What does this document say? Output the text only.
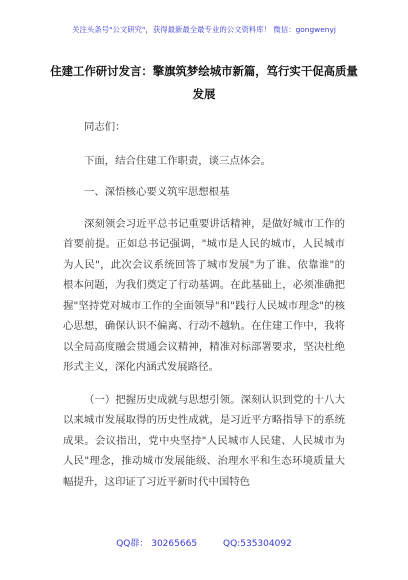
关注头条号"公文研究"，获得最新最全最专业的公文资料库！ 微信：gongwenyj
住建工作研讨发言：擎旗筑梦绘城市新篇，笃行实干促高质量发展

同志们：

下面，结合住建工作职责，谈三点体会。

一、深悟核心要义筑牢思想根基

深刻领会习近平总书记重要讲话精神，是做好城市工作的首要前提。正如总书记强调，"城市是人民的城市，人民城市为人民"，此次会议系统回答了城市发展"为了谁、依靠谁"的根本问题，为我们奠定了行动基调。在此基础上，必须准确把握"坚持党对城市工作的全面领导"和"践行人民城市理念"的核心思想，确保认识不偏离、行动不越轨。在住建工作中，我将以全局高度融会贯通会议精神，精准对标部署要求，坚决杜绝形式主义，深化内涵式发展路径。

（一）把握历史成就与思想引领。深刻认识到党的十八大以来城市发展取得的历史性成就，是习近平方略指导下的系统成果。会议指出，党中央坚持"人民城市人民建、人民城市为人民"理念，推动城市发展能级、治理水平和生态环境质量大幅提升，这印证了习近平新时代中国特色

QQ群： 30265665	QQ:535304092
